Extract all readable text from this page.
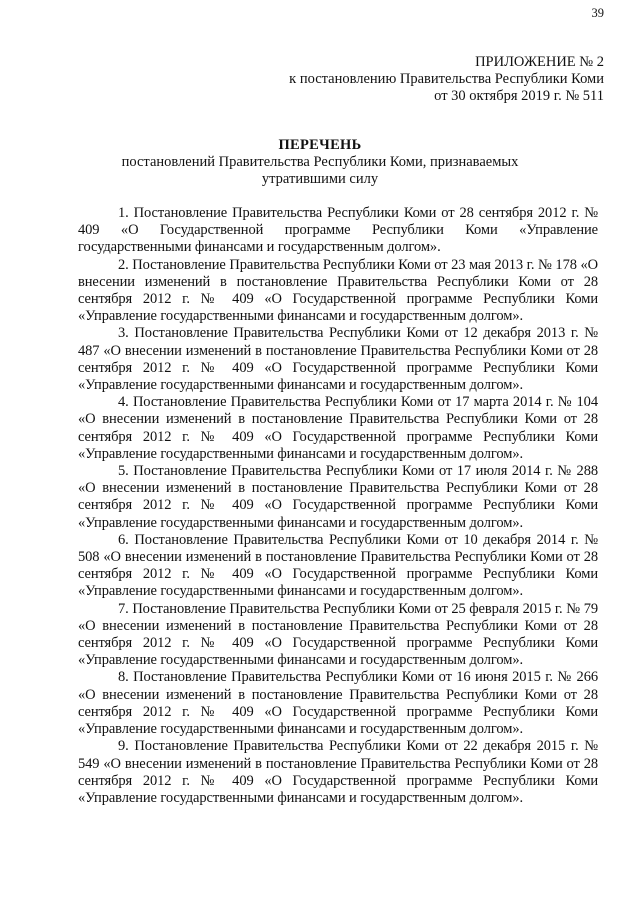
39
ПРИЛОЖЕНИЕ № 2
к постановлению Правительства Республики Коми
от 30 октября 2019 г. № 511
ПЕРЕЧЕНЬ
постановлений Правительства Республики Коми, признаваемых
утратившими силу

1. Постановление Правительства Республики Коми от 28 сентября 2012 г. № 409 «О Государственной программе Республики Коми «Управление государственными финансами и государственным долгом».

2. Постановление Правительства Республики Коми от 23 мая 2013 г. № 178 «О внесении изменений в постановление Правительства Республики Коми от 28 сентября 2012 г. № 409 «О Государственной программе Республики Коми «Управление государственными финансами и государственным долгом».

3. Постановление Правительства Республики Коми от 12 декабря 2013 г. № 487 «О внесении изменений в постановление Правительства Республики Коми от 28 сентября 2012 г. № 409 «О Государственной программе Республики Коми «Управление государственными финансами и государственным долгом».

4. Постановление Правительства Республики Коми от 17 марта 2014 г. № 104 «О внесении изменений в постановление Правительства Республики Коми от 28 сентября 2012 г. № 409 «О Государственной программе Республики Коми «Управление государственными финансами и государственным долгом».

5. Постановление Правительства Республики Коми от 17 июля 2014 г. № 288 «О внесении изменений в постановление Правительства Республики Коми от 28 сентября 2012 г. № 409 «О Государственной программе Республики Коми «Управление государственными финансами и государственным долгом».

6. Постановление Правительства Республики Коми от 10 декабря 2014 г. № 508 «О внесении изменений в постановление Правительства Республики Коми от 28 сентября 2012 г. № 409 «О Государственной программе Республики Коми «Управление государственными финансами и государственным долгом».

7. Постановление Правительства Республики Коми от 25 февраля 2015 г. № 79 «О внесении изменений в постановление Правительства Республики Коми от 28 сентября 2012 г. № 409 «О Государственной программе Республики Коми «Управление государственными финансами и государственным долгом».

8. Постановление Правительства Республики Коми от 16 июня 2015 г. № 266 «О внесении изменений в постановление Правительства Республики Коми от 28 сентября 2012 г. № 409 «О Государственной программе Республики Коми «Управление государственными финансами и государственным долгом».

9. Постановление Правительства Республики Коми от 22 декабря 2015 г. № 549 «О внесении изменений в постановление Правительства Республики Коми от 28 сентября 2012 г. № 409 «О Государственной программе Республики Коми «Управление государственными финансами и государственным долгом».
